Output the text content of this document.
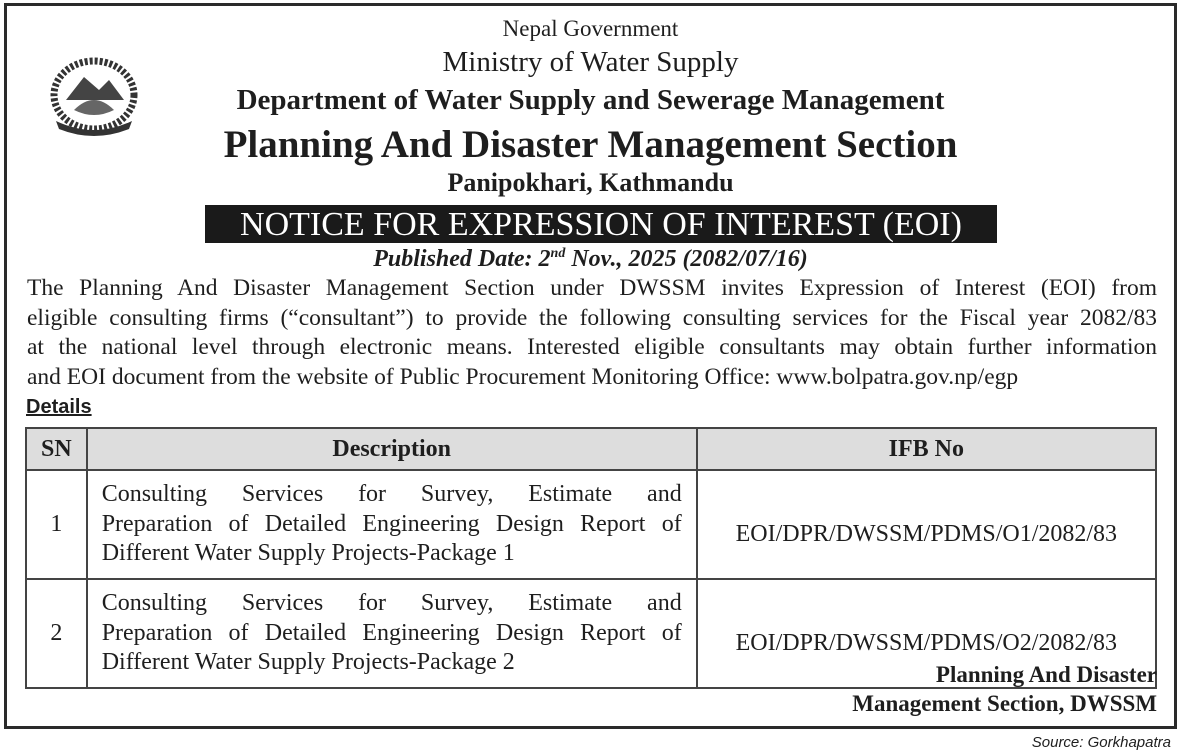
Nepal Government
Ministry of Water Supply
Department of Water Supply and Sewerage Management
Planning And Disaster Management Section
Panipokhari, Kathmandu
NOTICE FOR EXPRESSION OF INTEREST (EOI)
Published Date: 2nd Nov., 2025 (2082/07/16)
The Planning And Disaster Management Section under DWSSM invites Expression of Interest (EOI) from
eligible consulting firms (“consultant”) to provide the following consulting services for the Fiscal year 2082/83
at the national level through electronic means. Interested eligible consultants may obtain further information
and EOI document from the website of Public Procurement Monitoring Office: www.bolpatra.gov.np/egp
Details
SN	Description	IFB No
1	Consulting Services for Survey, Estimate and
Preparation of Detailed Engineering Design Report of
Different Water Supply Projects-Package 1	EOI/DPR/DWSSM/PDMS/O1/2082/83
2	Consulting Services for Survey, Estimate and
Preparation of Detailed Engineering Design Report of
Different Water Supply Projects-Package 2	EOI/DPR/DWSSM/PDMS/O2/2082/83
Planning And Disaster
Management Section, DWSSM
Source: Gorkhapatra
